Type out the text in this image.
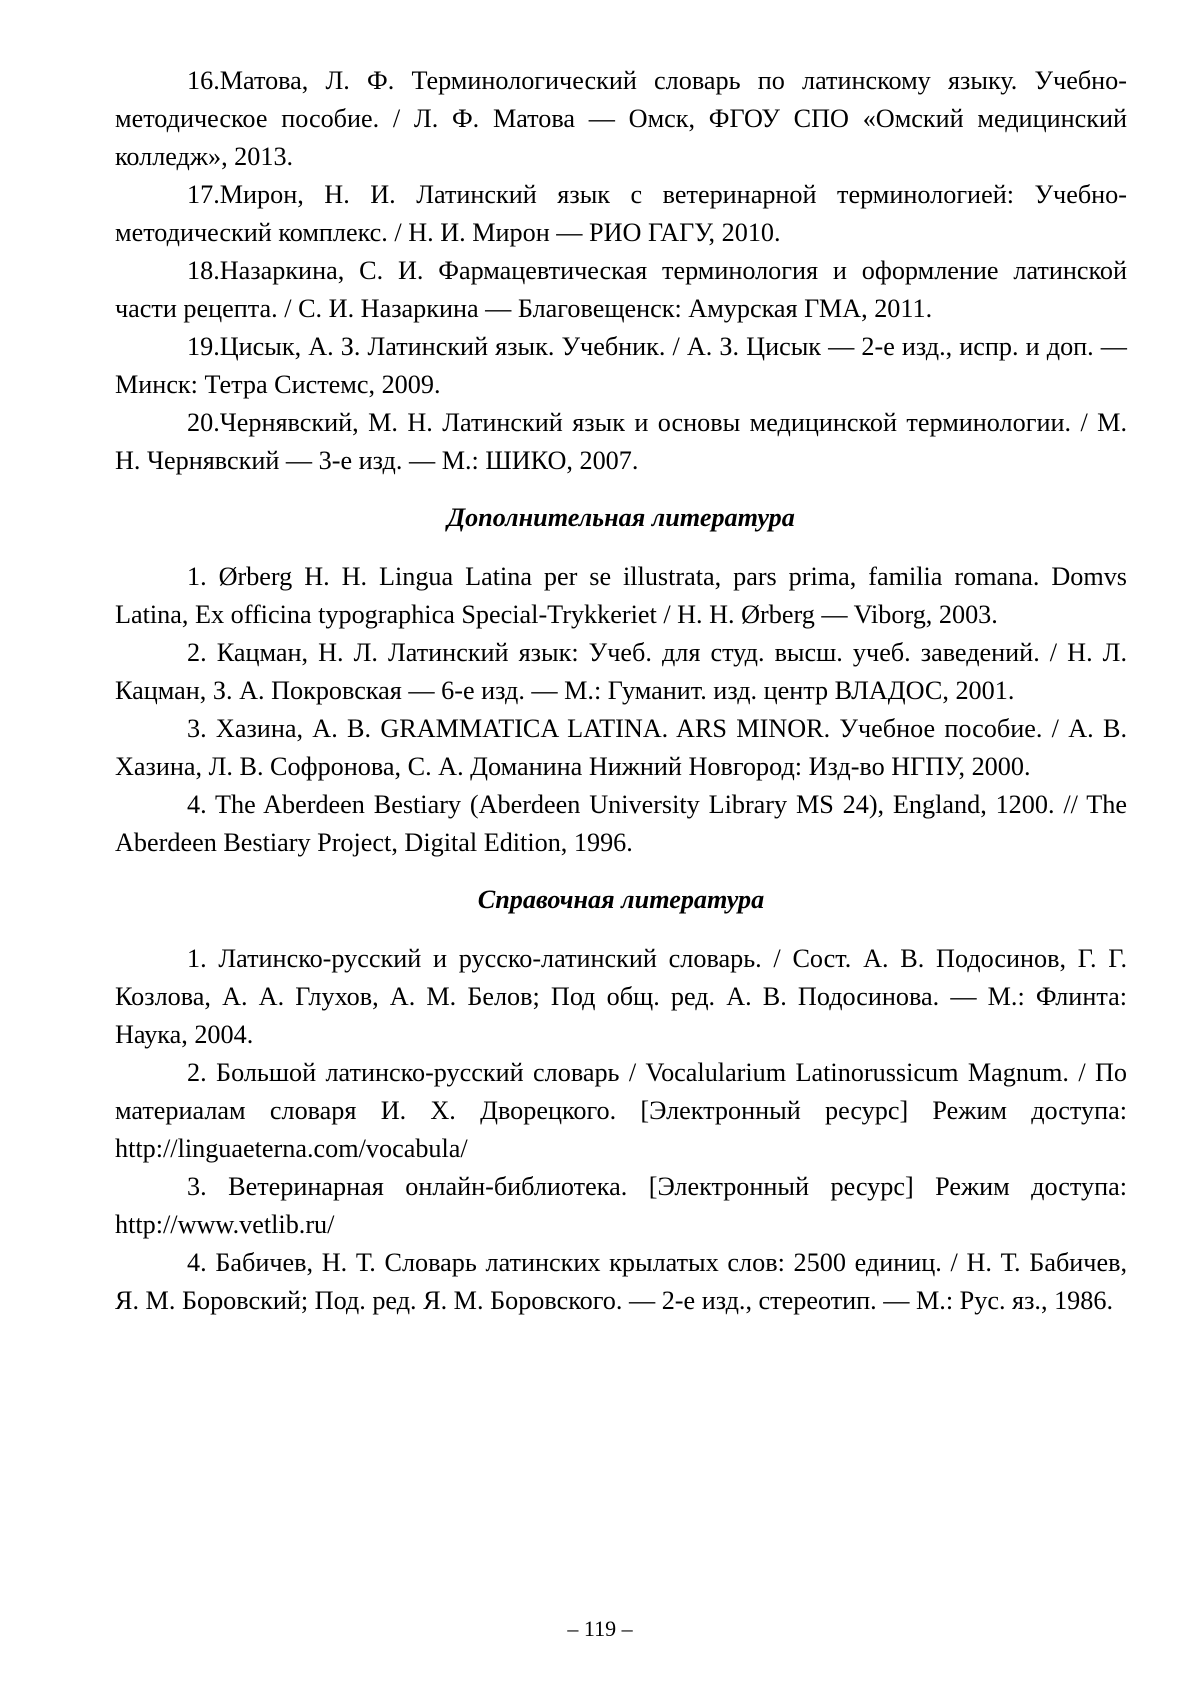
16.Матова, Л. Ф. Терминологический словарь по латинскому языку. Учебно-методическое пособие. / Л. Ф. Матова — Омск, ФГОУ СПО «Омский медицинский колледж», 2013.

17.Мирон, Н. И. Латинский язык с ветеринарной терминологией: Учебно-методический комплекс. / Н. И. Мирон — РИО ГАГУ, 2010.

18.Назаркина, С. И. Фармацевтическая терминология и оформление латинской части рецепта. / С. И. Назаркина — Благовещенск: Амурская ГМА, 2011.

19.Цисык, А. З. Латинский язык. Учебник. / А. З. Цисык — 2-е изд., испр. и доп. — Минск: Тетра Системс, 2009.

20.Чернявский, М. Н. Латинский язык и основы медицинской терминологии. / М. Н. Чернявский — 3-е изд. — М.: ШИКО, 2007.

Дополнительная литература

1. Ørberg H. H. Lingua Latina per se illustrata, pars prima, familia romana. Domvs Latina, Ex officina typographica Special-Trykkeriet / H. H. Ørberg — Viborg, 2003.

2. Кацман, Н. Л. Латинский язык: Учеб. для студ. высш. учеб. заведений. / Н. Л. Кацман, З. А. Покровская — 6-е изд. — М.: Гуманит. изд. центр ВЛАДОС, 2001.

3. Хазина, А. В. GRAMMATICA LATINA. ARS MINOR. Учебное пособие. / А. В. Хазина, Л. В. Софронова, С. А. Доманина Нижний Новгород: Изд-во НГПУ, 2000.

4. The Aberdeen Bestiary (Aberdeen University Library MS 24), England, 1200. // The Aberdeen Bestiary Project, Digital Edition, 1996.

Справочная литература

1. Латинско-русский и русско-латинский словарь. / Сост. А. В. Подосинов, Г. Г. Козлова, А. А. Глухов, А. М. Белов; Под общ. ред. А. В. Подосинова. — М.: Флинта: Наука, 2004.

2. Большой латинско-русский словарь / Vocalularium Latinorussicum Magnum. / По материалам словаря И. Х. Дворецкого. [Электронный ресурс] Режим доступа: http://linguaeterna.com/vocabula/

3. Ветеринарная онлайн-библиотека. [Электронный ресурс] Режим доступа: http://www.vetlib.ru/

4. Бабичев, Н. Т. Словарь латинских крылатых слов: 2500 единиц. / Н. Т. Бабичев, Я. М. Боровский; Под. ред. Я. М. Боровского. — 2-е изд., стереотип. — М.: Рус. яз., 1986.

– 119 –
